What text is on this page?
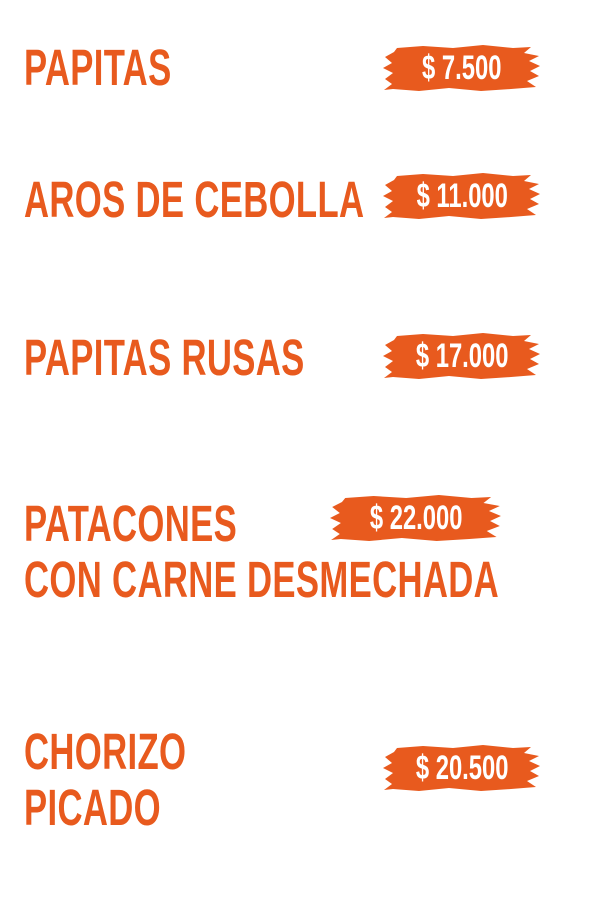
PAPITAS	$ 7.500
AROS DE CEBOLLA $ 11.000
PAPITAS RUSAS	$ 17.000
PATACONES
CON CARNE DESMECHADA
$ 22.000
CHORIZO
PICADO
$ 20.500
